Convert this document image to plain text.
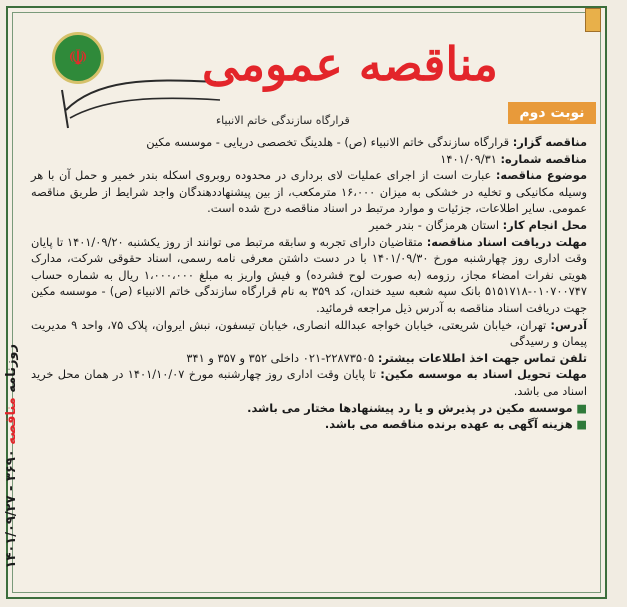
☫
قرارگاه سازندگی خاتم الانبیاء
مناقصه عمومی
نوبت دوم

مناقصه گزار: قرارگاه سازندگی خاتم الانبیاء (ص) - هلدینگ تخصصی دریایی - موسسه مکین

مناقصه شماره: ۱۴۰۱/۰۹/۳۱

موضوع مناقصه: عبارت است از اجرای عملیات لای برداری در محدوده روبروی اسکله بندر خمیر و حمل آن با هر وسیله مکانیکی و تخلیه در خشکی به میزان ۱۶،۰۰۰ مترمکعب، از بین پیشنهاددهندگان واجد شرایط از طریق مناقصه عمومی. سایر اطلاعات، جزئیات و موارد مرتبط در اسناد مناقصه درج شده است.

محل انجام کار: استان هرمزگان - بندر خمیر

مهلت دریافت اسناد مناقصه: متقاضیان دارای تجربه و سابقه مرتبط می توانند از روز یکشنبه ۱۴۰۱/۰۹/۲۰ تا پایان وقت اداری روز چهارشنبه مورخ ۱۴۰۱/۰۹/۳۰ با در دست داشتن معرفی نامه رسمی، اسناد حقوقی شرکت، مدارک هویتی نفرات امضاء مجاز، رزومه (به صورت لوح فشرده) و فیش واریز به مبلغ ۱،۰۰۰،۰۰۰ ریال به شماره حساب ۰۱۰۷۰۰۷۴۷-۵۱۵۱۷۱۸ بانک سپه شعبه سید خندان، کد ۳۵۹ به نام قرارگاه سازندگی خاتم الانبیاء (ص) - موسسه مکین جهت دریافت اسناد مناقصه به آدرس ذیل مراجعه فرمائید.

آدرس: تهران، خیابان شریعتی، خیابان خواجه عبدالله انصاری، خیابان تیسفون، نبش ایروان، پلاک ۷۵، واحد ۹ مدیریت پیمان و رسیدگی

تلفن تماس جهت اخذ اطلاعات بیشتر: ۲۲۸۷۳۵۰۵-۰۲۱ داخلی ۳۵۲ و ۳۵۷ و ۳۴۱

مهلت تحویل اسناد به موسسه مکین: تا پایان وقت اداری روز چهارشنبه مورخ ۱۴۰۱/۱۰/۰۷ در همان محل خرید اسناد می باشد.

■ موسسه مکین در پذیرش و یا رد پیشنهادها مختار می باشد.

■ هزینه آگهی به عهده برنده مناقصه می باشد.

روزنامه مناقصه ۳۶۹۰ - ۱۴۰۱/۰۹/۲۷
